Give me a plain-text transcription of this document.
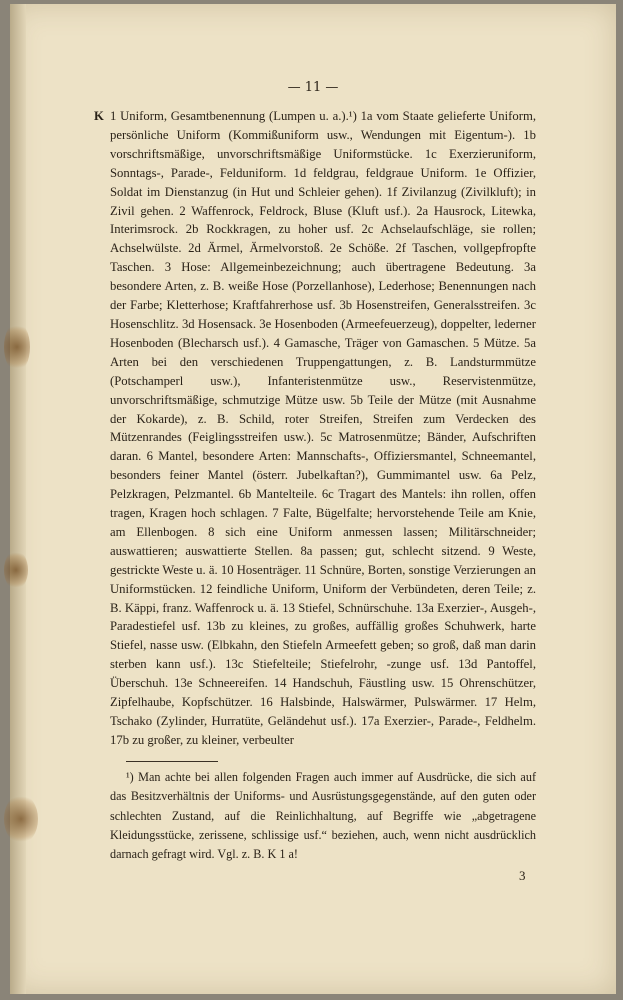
— 11 —
K 1 Uniform, Gesamtbenennung (Lumpen u. a.).¹) 1a vom Staate gelieferte Uniform, persönliche Uniform (Kommißuniform usw., Wendungen mit Eigentum-). 1b vorschriftsmäßige, unvorschriftsmäßige Uniformstücke. 1c Exerzieruniform, Sonntags-, Parade-, Felduniform. 1d feldgrau, feldgraue Uniform. 1e Offizier, Soldat im Dienstanzug (in Hut und Schleier gehen). 1f Zivilanzug (Zivilkluft); in Zivil gehen. 2 Waffenrock, Feldrock, Bluse (Kluft usf.). 2a Hausrock, Litewka, Interimsrock. 2b Rockkragen, zu hoher usf. 2c Achselaufschläge, sie rollen; Achselwülste. 2d Ärmel, Ärmelvorstoß. 2e Schöße. 2f Taschen, vollgepfropfte Taschen. 3 Hose: Allgemeinbezeichnung; auch übertragene Bedeutung. 3a besondere Arten, z. B. weiße Hose (Porzellanhose), Lederhose; Benennungen nach der Farbe; Kletterhose; Kraftfahrerhose usf. 3b Hosenstreifen, Generalsstreifen. 3c Hosenschlitz. 3d Hosensack. 3e Hosenboden (Armeefeuerzeug), doppelter, lederner Hosenboden (Blecharsch usf.). 4 Gamasche, Träger von Gamaschen. 5 Mütze. 5a Arten bei den verschiedenen Truppengattungen, z. B. Landsturmmütze (Potschamperl usw.), Infanteristenmütze usw., Reservistenmütze, unvorschriftsmäßige, schmutzige Mütze usw. 5b Teile der Mütze (mit Ausnahme der Kokarde), z. B. Schild, roter Streifen, Streifen zum Verdecken des Mützenrandes (Feiglingsstreifen usw.). 5c Matrosenmütze; Bänder, Aufschriften daran. 6 Mantel, besondere Arten: Mannschafts-, Offiziersmantel, Schneemantel, besonders feiner Mantel (österr. Jubelkaftan?), Gummimantel usw. 6a Pelz, Pelzkragen, Pelzmantel. 6b Mantelteile. 6c Tragart des Mantels: ihn rollen, offen tragen, Kragen hoch schlagen. 7 Falte, Bügelfalte; hervorstehende Teile am Knie, am Ellenbogen. 8 sich eine Uniform anmessen lassen; Militärschneider; auswattieren; auswattierte Stellen. 8a passen; gut, schlecht sitzend. 9 Weste, gestrickte Weste u. ä. 10 Hosenträger. 11 Schnüre, Borten, sonstige Verzierungen an Uniformstücken. 12 feindliche Uniform, Uniform der Verbündeten, deren Teile; z. B. Käppi, franz. Waffenrock u. ä. 13 Stiefel, Schnürschuhe. 13a Exerzier-, Ausgeh-, Paradestiefel usf. 13b zu kleines, zu großes, auffällig großes Schuhwerk, harte Stiefel, nasse usw. (Elbkahn, den Stiefeln Armeefett geben; so groß, daß man darin sterben kann usf.). 13c Stiefelteile; Stiefelrohr, -zunge usf. 13d Pantoffel, Überschuh. 13e Schneereifen. 14 Handschuh, Fäustling usw. 15 Ohrenschützer, Zipfelhaube, Kopfschützer. 16 Halsbinde, Halswärmer, Pulswärmer. 17 Helm, Tschako (Zylinder, Hurratüte, Geländehut usf.). 17a Exerzier-, Parade-, Feldhelm. 17b zu großer, zu kleiner, verbeulter

¹) Man achte bei allen folgenden Fragen auch immer auf Ausdrücke, die sich auf das Besitzverhältnis der Uniforms- und Ausrüstungsgegenstände, auf den guten oder schlechten Zustand, auf die Reinlichhaltung, auf Begriffe wie „abgetragene Kleidungsstücke, zerissene, schlissige usf.“ beziehen, auch, wenn nicht ausdrücklich darnach gefragt wird. Vgl. z. B. K 1 a!

3
